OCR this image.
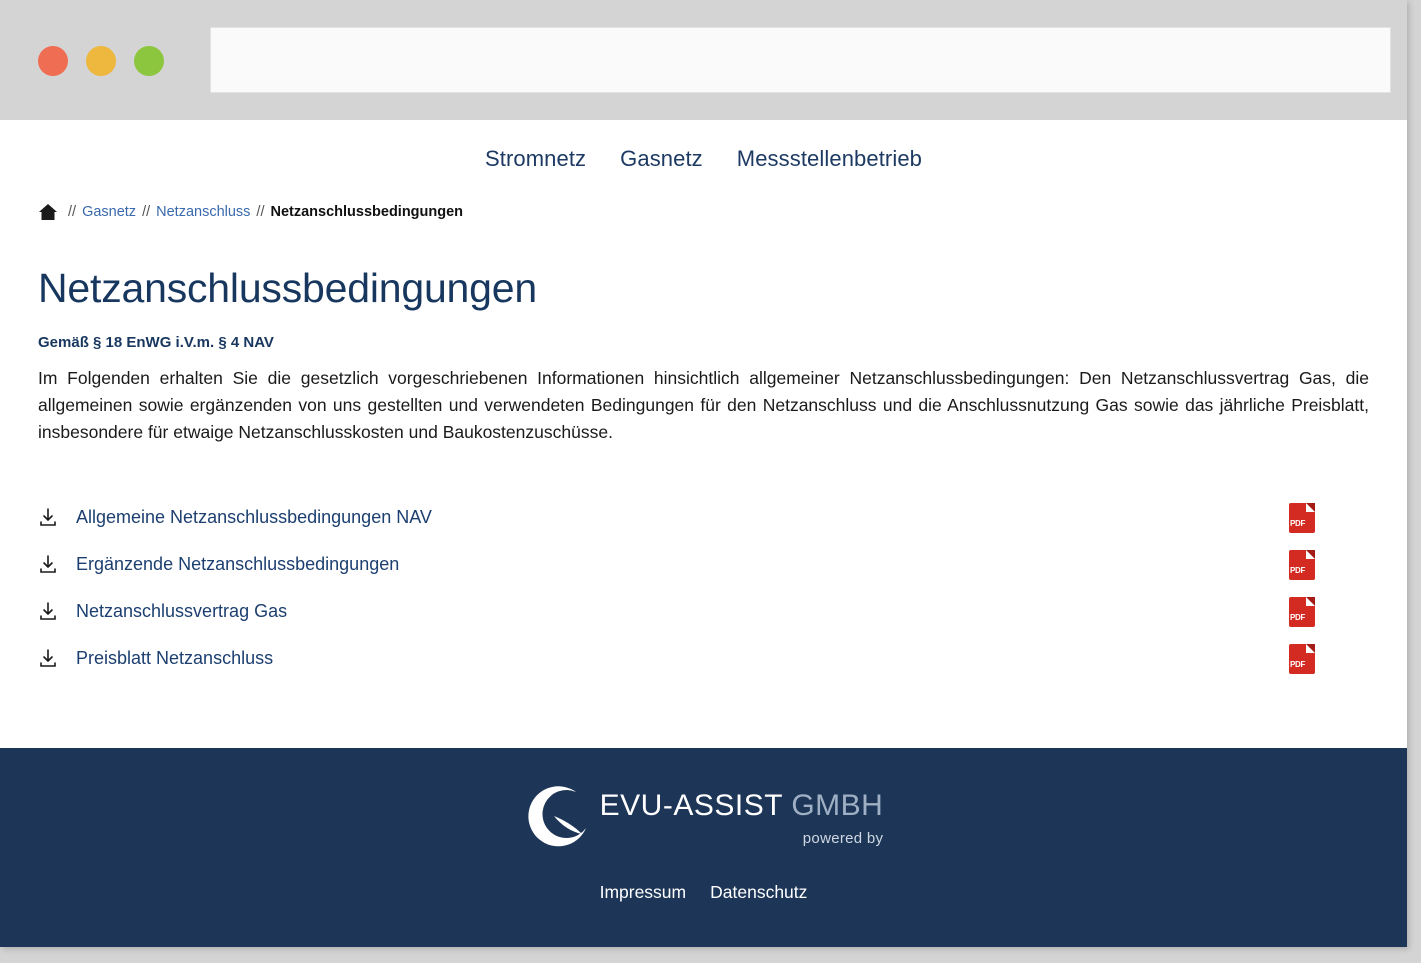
Stromnetz Gasnetz Messstellenbetrieb
// Gasnetz // Netzanschluss // Netzanschlussbedingungen
Netzanschlussbedingungen
Gemäß § 18 EnWG i.V.m. § 4 NAV

Im Folgenden erhalten Sie die gesetzlich vorgeschriebenen Informationen hinsichtlich allgemeiner Netzanschlussbedingungen: Den Netzanschlussvertrag Gas, die allgemeinen sowie ergänzenden von uns gestellten und verwendeten Bedingungen für den Netzanschluss und die Anschlussnutzung Gas sowie das jährliche Preisblatt, insbesondere für etwaige Netzanschlusskosten und Baukostenzuschüsse.

Allgemeine Netzanschlussbedingungen NAV	PDF
Ergänzende Netzanschlussbedingungen	PDF
Netzanschlussvertrag Gas	PDF
Preisblatt Netzanschluss	PDF
EVU-ASSIST GMBH
powered by
Impressum Datenschutz
